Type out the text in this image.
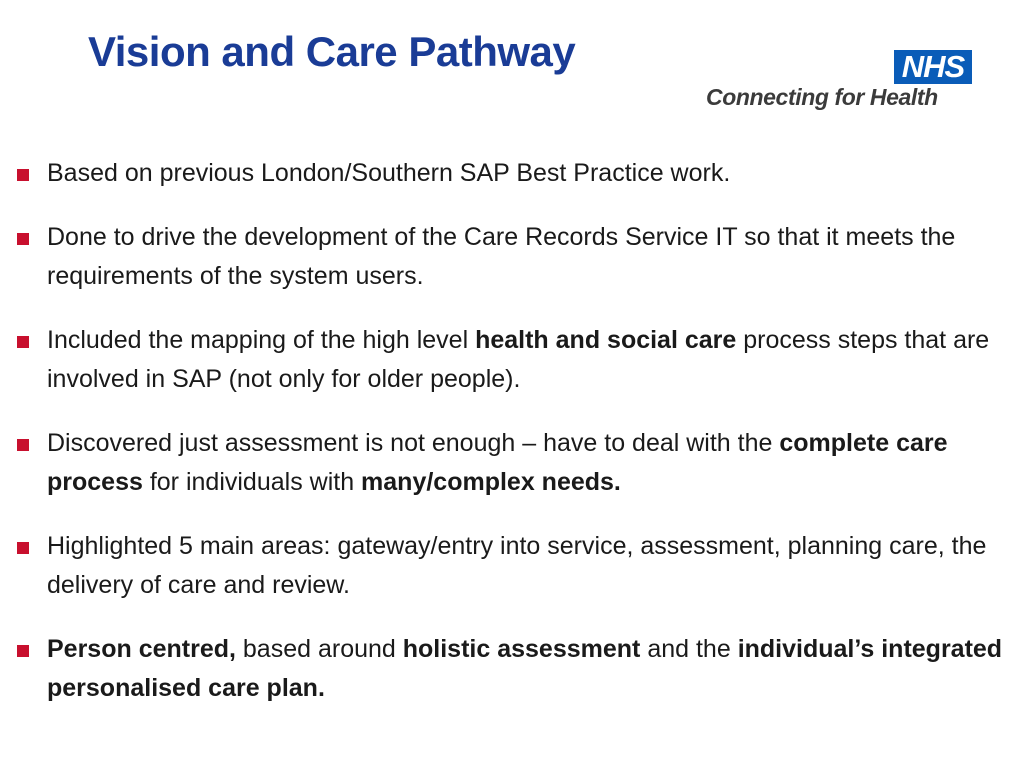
Vision and Care Pathway	NHS
Connecting for Health
Based on previous London/Southern SAP Best Practice work.
Done to drive the development of the Care Records Service IT so that it meets the requirements of the system users.
Included the mapping of the high level health and social care process steps that are involved in SAP (not only for older people).
Discovered just assessment is not enough – have to deal with the complete care process for individuals with many/complex needs.
Highlighted 5 main areas: gateway/entry into service, assessment, planning care, the delivery of care and review.
Person centred, based around holistic assessment and the individual’s integrated personalised care plan.
